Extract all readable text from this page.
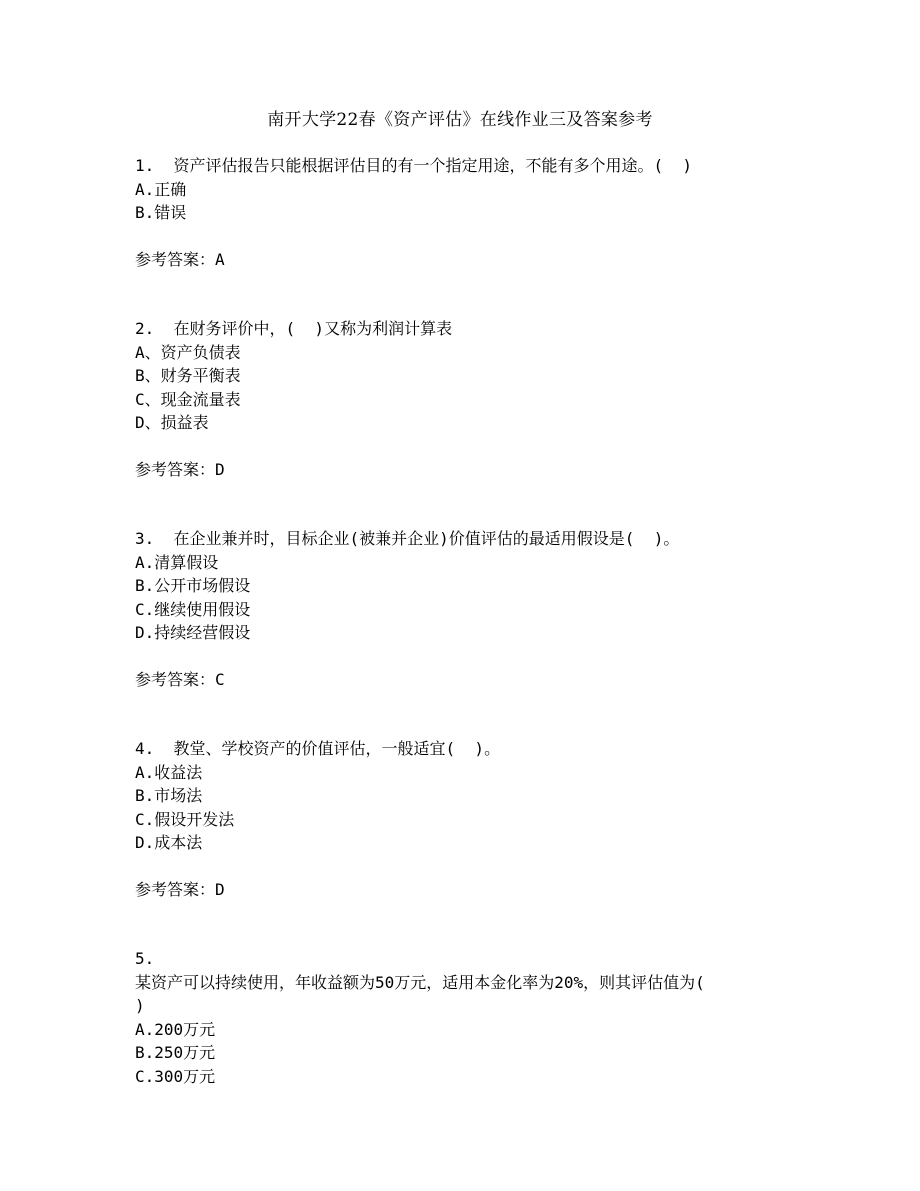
南开大学22春《资产评估》在线作业三及答案参考
1. 资产评估报告只能根据评估目的有一个指定用途，不能有多个用途。(  )
A.正确
B.错误
参考答案：A
2. 在财务评价中，(  )又称为利润计算表
A、资产负债表
B、财务平衡表
C、现金流量表
D、损益表
参考答案：D
3. 在企业兼并时，目标企业(被兼并企业)价值评估的最适用假设是(  )。
A.清算假设
B.公开市场假设
C.继续使用假设
D.持续经营假设
参考答案：C
4. 教堂、学校资产的价值评估，一般适宜(  )。
A.收益法
B.市场法
C.假设开发法
D.成本法
参考答案：D
5.
某资产可以持续使用，年收益额为50万元，适用本金化率为20%，则其评估值为(
)
A.200万元
B.250万元
C.300万元
